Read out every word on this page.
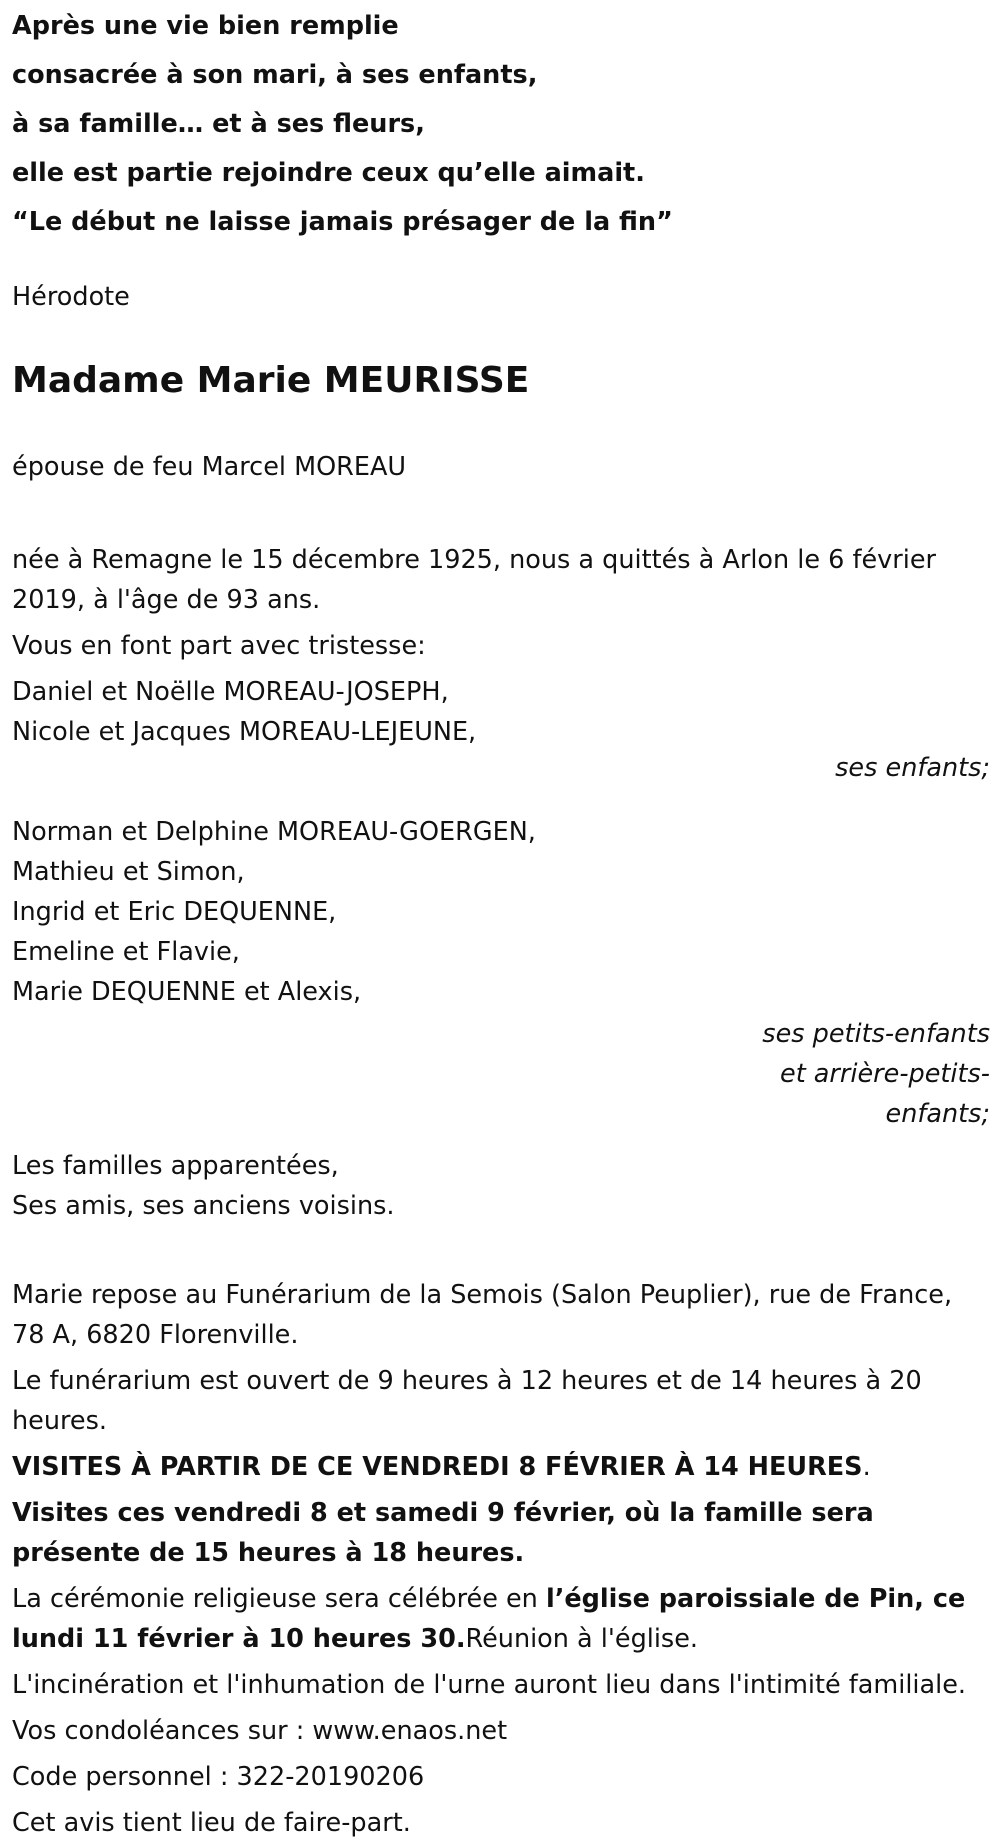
Après une vie bien remplie

consacrée à son mari, à ses enfants,

à sa famille… et à ses fleurs,

elle est partie rejoindre ceux qu’elle aimait.

“Le début ne laisse jamais présager de la fin”

Hérodote

Madame Marie MEURISSE

épouse de feu Marcel MOREAU

née à Remagne le 15 décembre 1925, nous a quittés à Arlon le 6 février 2019, à l'âge de 93 ans.

Vous en font part avec tristesse:

Daniel et Noëlle MOREAU-JOSEPH,
Nicole et Jacques MOREAU-LEJEUNE,
ses enfants;
Norman et Delphine MOREAU-GOERGEN,
Mathieu et Simon,
Ingrid et Eric DEQUENNE,
Emeline et Flavie,
Marie DEQUENNE et Alexis,
ses petits-enfants et arrière-petits-enfants;
Les familles apparentées,
Ses amis, ses anciens voisins.

Marie repose au Funérarium de la Semois (Salon Peuplier), rue de France, 78 A, 6820 Florenville.

Le funérarium est ouvert de 9 heures à 12 heures et de 14 heures à 20 heures.

VISITES À PARTIR DE CE VENDREDI 8 FÉVRIER À 14 HEURES.

Visites ces vendredi 8 et samedi 9 février, où la famille sera présente de 15 heures à 18 heures.

La cérémonie religieuse sera célébrée en l’église paroissiale de Pin, ce lundi 11 février à 10 heures 30.Réunion à l'église.

L'incinération et l'inhumation de l'urne auront lieu dans l'intimité familiale.

Vos condoléances sur : www.enaos.net

Code personnel : 322-20190206

Cet avis tient lieu de faire-part.
